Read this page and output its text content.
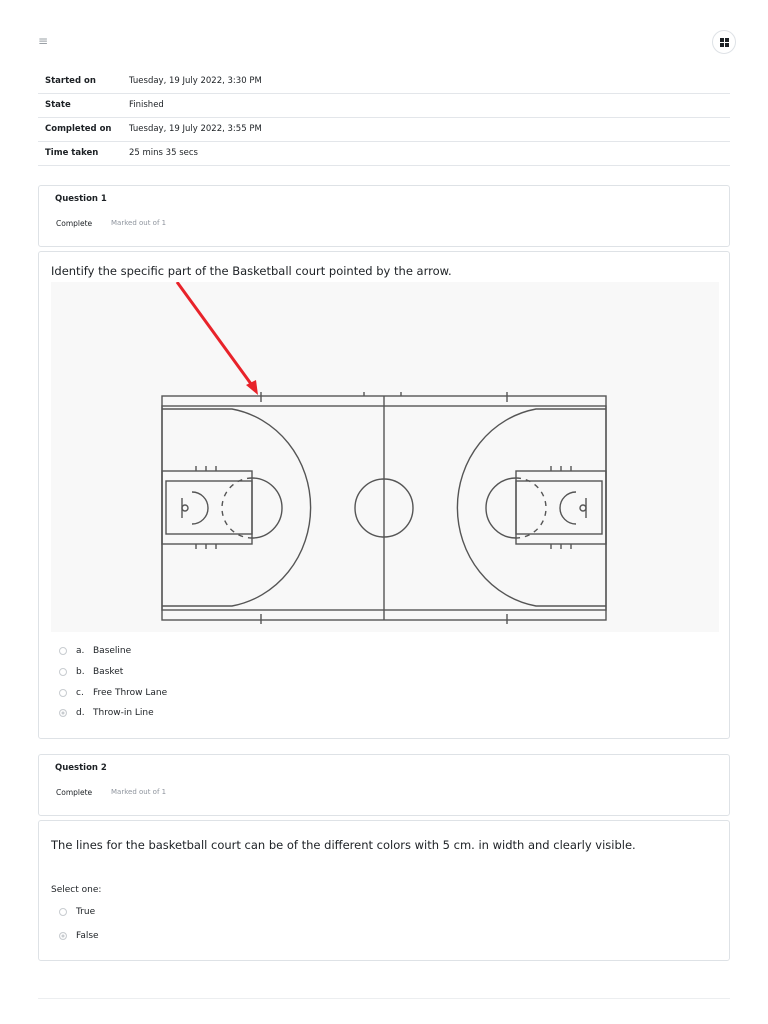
≡
Started on	Tuesday, 19 July 2022, 3:30 PM
State	Finished
Completed on	Tuesday, 19 July 2022, 3:55 PM
Time taken	25 mins 35 secs
Question 1
Complete	Marked out of 1
Identify the specific part of the Basketball court pointed by the arrow.
a. Baseline
b. Basket
c.	Free Throw Lane
d. Throw-in Line
Question 2
Complete	Marked out of 1
The lines for the basketball court can be of the different colors with 5 cm. in width and clearly visible.
Select one:
True
False
